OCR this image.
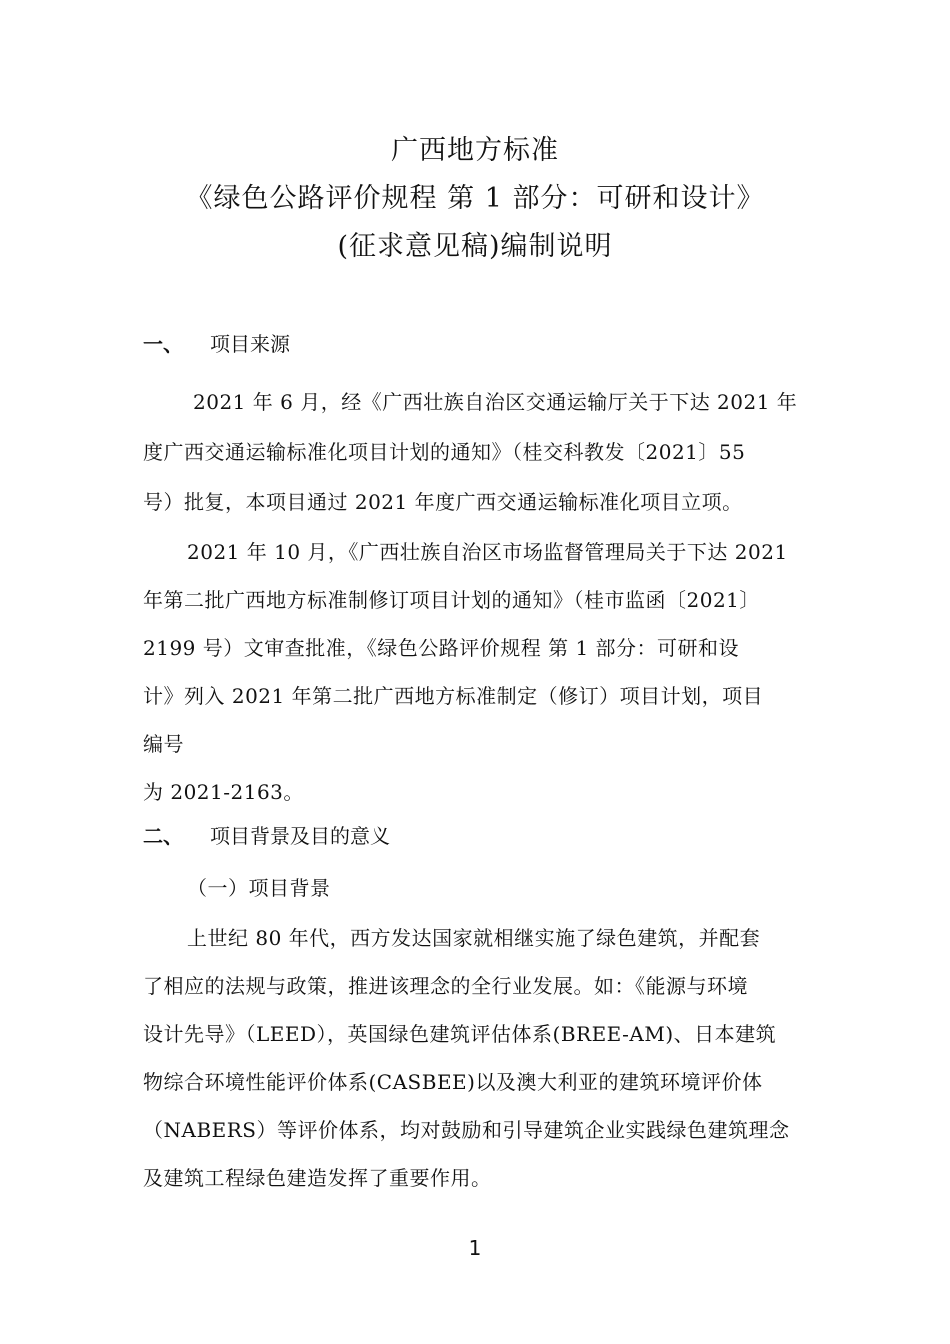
广西地方标准
《绿色公路评价规程 第 1 部分：可研和设计》
(征求意见稿)编制说明
一、 项目来源
2021 年 6 月，经《广西壮族自治区交通运输厅关于下达 2021 年
度广西交通运输标准化项目计划的通知》（桂交科教发〔2021〕55
号）批复，本项目通过 2021 年度广西交通运输标准化项目立项。
2021 年 10 月，《广西壮族自治区市场监督管理局关于下达 2021
年第二批广西地方标准制修订项目计划的通知》（桂市监函〔2021〕
2199 号）文审查批准，《绿色公路评价规程 第 1 部分：可研和设
计》列入 2021 年第二批广西地方标准制定（修订）项目计划，项目
编号
为 2021-2163。
二、 项目背景及目的意义
（一）项目背景
上世纪 80 年代，西方发达国家就相继实施了绿色建筑，并配套
了相应的法规与政策，推进该理念的全行业发展。如：《能源与环境
设计先导》（LEED），英国绿色建筑评估体系(BREE-AM)、日本建筑
物综合环境性能评价体系(CASBEE)以及澳大利亚的建筑环境评价体
（NABERS）等评价体系，均对鼓励和引导建筑企业实践绿色建筑理念
及建筑工程绿色建造发挥了重要作用。
1
